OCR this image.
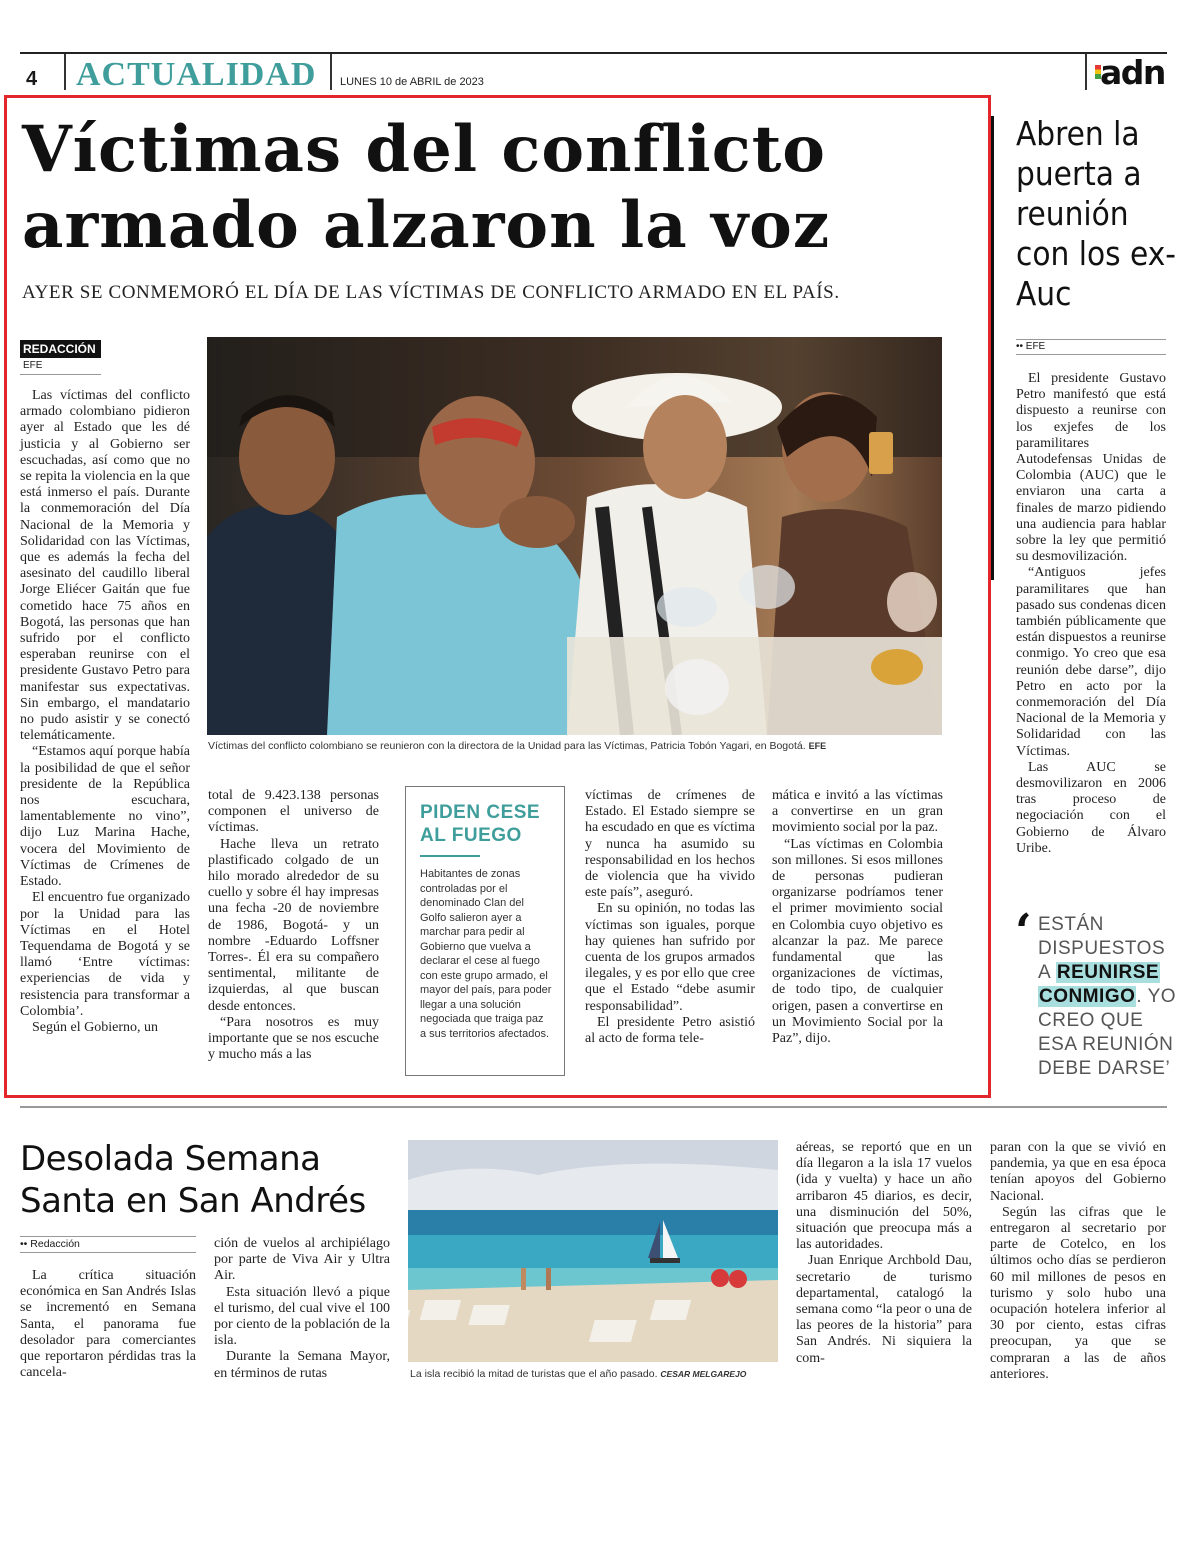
4 ACTUALIDAD LUNES 10 de ABRIL de 2023	adn
Víctimas del conflicto
armado alzaron la voz
AYER SE CONMEMORÓ EL DÍA DE LAS VÍCTIMAS DE CONFLICTO ARMADO EN EL PAÍS.
REDACCIÓN
EFE

Las víctimas del conflicto armado colombiano pidieron ayer al Estado que les dé justicia y al Gobierno ser escuchadas, así como que no se repita la violencia en la que está inmerso el país. Durante la conmemoración del Día Nacional de la Memoria y Solidaridad con las Víctimas, que es además la fecha del asesinato del caudillo liberal Jorge Eliécer Gaitán que fue cometido hace 75 años en Bogotá, las personas que han sufrido por el conflicto esperaban reunirse con el presidente Gustavo Petro para manifestar sus expectativas. Sin embargo, el mandatario no pudo asistir y se conectó telemáticamente.

“Estamos aquí porque había la posibilidad de que el señor presidente de la República nos escuchara, lamentablemente no vino”, dijo Luz Marina Hache, vocera del Movimiento de Víctimas de Crímenes de Estado.

El encuentro fue organizado por la Unidad para las Víctimas en el Hotel Tequendama de Bogotá y se llamó ‘Entre víctimas: experiencias de vida y resistencia para transformar a Colombia’.

Según el Gobierno, un

Víctimas del conflicto colombiano se reunieron con la directora de la Unidad para las Víctimas, Patricia Tobón Yagari, en Bogotá. EFE

total de 9.423.138 personas componen el universo de víctimas.

Hache lleva un retrato plastificado colgado de un hilo morado alrededor de su cuello y sobre él hay impresas una fecha -20 de noviembre de 1986, Bogotá- y un nombre -Eduardo Loffsner Torres-. Él era su compañero sentimental, militante de izquierdas, al que buscan desde entonces.

“Para nosotros es muy importante que se nos escuche y mucho más a las

PIDEN CESE
AL FUEGO
Habitantes de zonas controladas por el denominado Clan del Golfo salieron ayer a marchar para pedir al Gobierno que vuelva a declarar el cese al fuego con este grupo armado, el mayor del país, para poder llegar a una solución negociada que traiga paz a sus territorios afectados.

víctimas de crímenes de Estado. El Estado siempre se ha escudado en que es víctima y nunca ha asumido su responsabilidad en los hechos de violencia que ha vivido este país”, aseguró.

En su opinión, no todas las víctimas son iguales, porque hay quienes han sufrido por cuenta de los grupos armados ilegales, y es por ello que cree que el Estado “debe asumir responsabilidad”.

El presidente Petro asistió al acto de forma tele-

mática e invitó a las víctimas a convertirse en un gran movimiento social por la paz.

“Las víctimas en Colombia son millones. Si esos millones de personas pudieran organizarse podríamos tener el primer movimiento social en Colombia cuyo objetivo es alcanzar la paz. Me parece fundamental que las organizaciones de víctimas, de todo tipo, de cualquier origen, pasen a convertirse en un Movimiento Social por la Paz”, dijo.

Abren la puerta a reunión con los ex-Auc
•• EFE

El presidente Gustavo Petro manifestó que está dispuesto a reunirse con los exjefes de los paramilitares Autodefensas Unidas de Colombia (AUC) que le enviaron una carta a finales de marzo pidiendo una audiencia para hablar sobre la ley que permitió su desmovilización.

“Antiguos jefes paramilitares que han pasado sus condenas dicen también públicamente que están dispuestos a reunirse conmigo. Yo creo que esa reunión debe darse”, dijo Petro en acto por la conmemoración del Día Nacional de la Memoria y Solidaridad con las Víctimas.

Las AUC se desmovilizaron en 2006 tras proceso de negociación con el Gobierno de Álvaro Uribe.

‘ ESTÁN DISPUESTOS A REUNIRSE CONMIGO. YO CREO QUE ESA REUNIÓN DEBE DARSE’
Desolada Semana
Santa en San Andrés
•• Redacción

La crítica situación económica en San Andrés Islas se incrementó en Semana Santa, el panorama fue desolador para comerciantes que reportaron pérdidas tras la cancela-

ción de vuelos al archipiélago por parte de Viva Air y Ultra Air.

Esta situación llevó a pique el turismo, del cual vive el 100 por ciento de la población de la isla.

Durante la Semana Mayor, en términos de rutas	La isla recibió la mitad de turistas que el año pasado. CESAR MELGAREJO

aéreas, se reportó que en un día llegaron a la isla 17 vuelos (ida y vuelta) y hace un año arribaron 45 diarios, es decir, una disminución del 50%, situación que preocupa más a las autoridades.

Juan Enrique Archbold Dau, secretario de turismo departamental, catalogó la semana como “la peor o una de las peores de la historia” para San Andrés. Ni siquiera la com-

paran con la que se vivió en pandemia, ya que en esa época tenían apoyos del Gobierno Nacional.

Según las cifras que le entregaron al secretario por parte de Cotelco, en los últimos ocho días se perdieron 60 mil millones de pesos en turismo y solo hubo una ocupación hotelera inferior al 30 por ciento, estas cifras preocupan, ya que se compraran a las de años anteriores.
